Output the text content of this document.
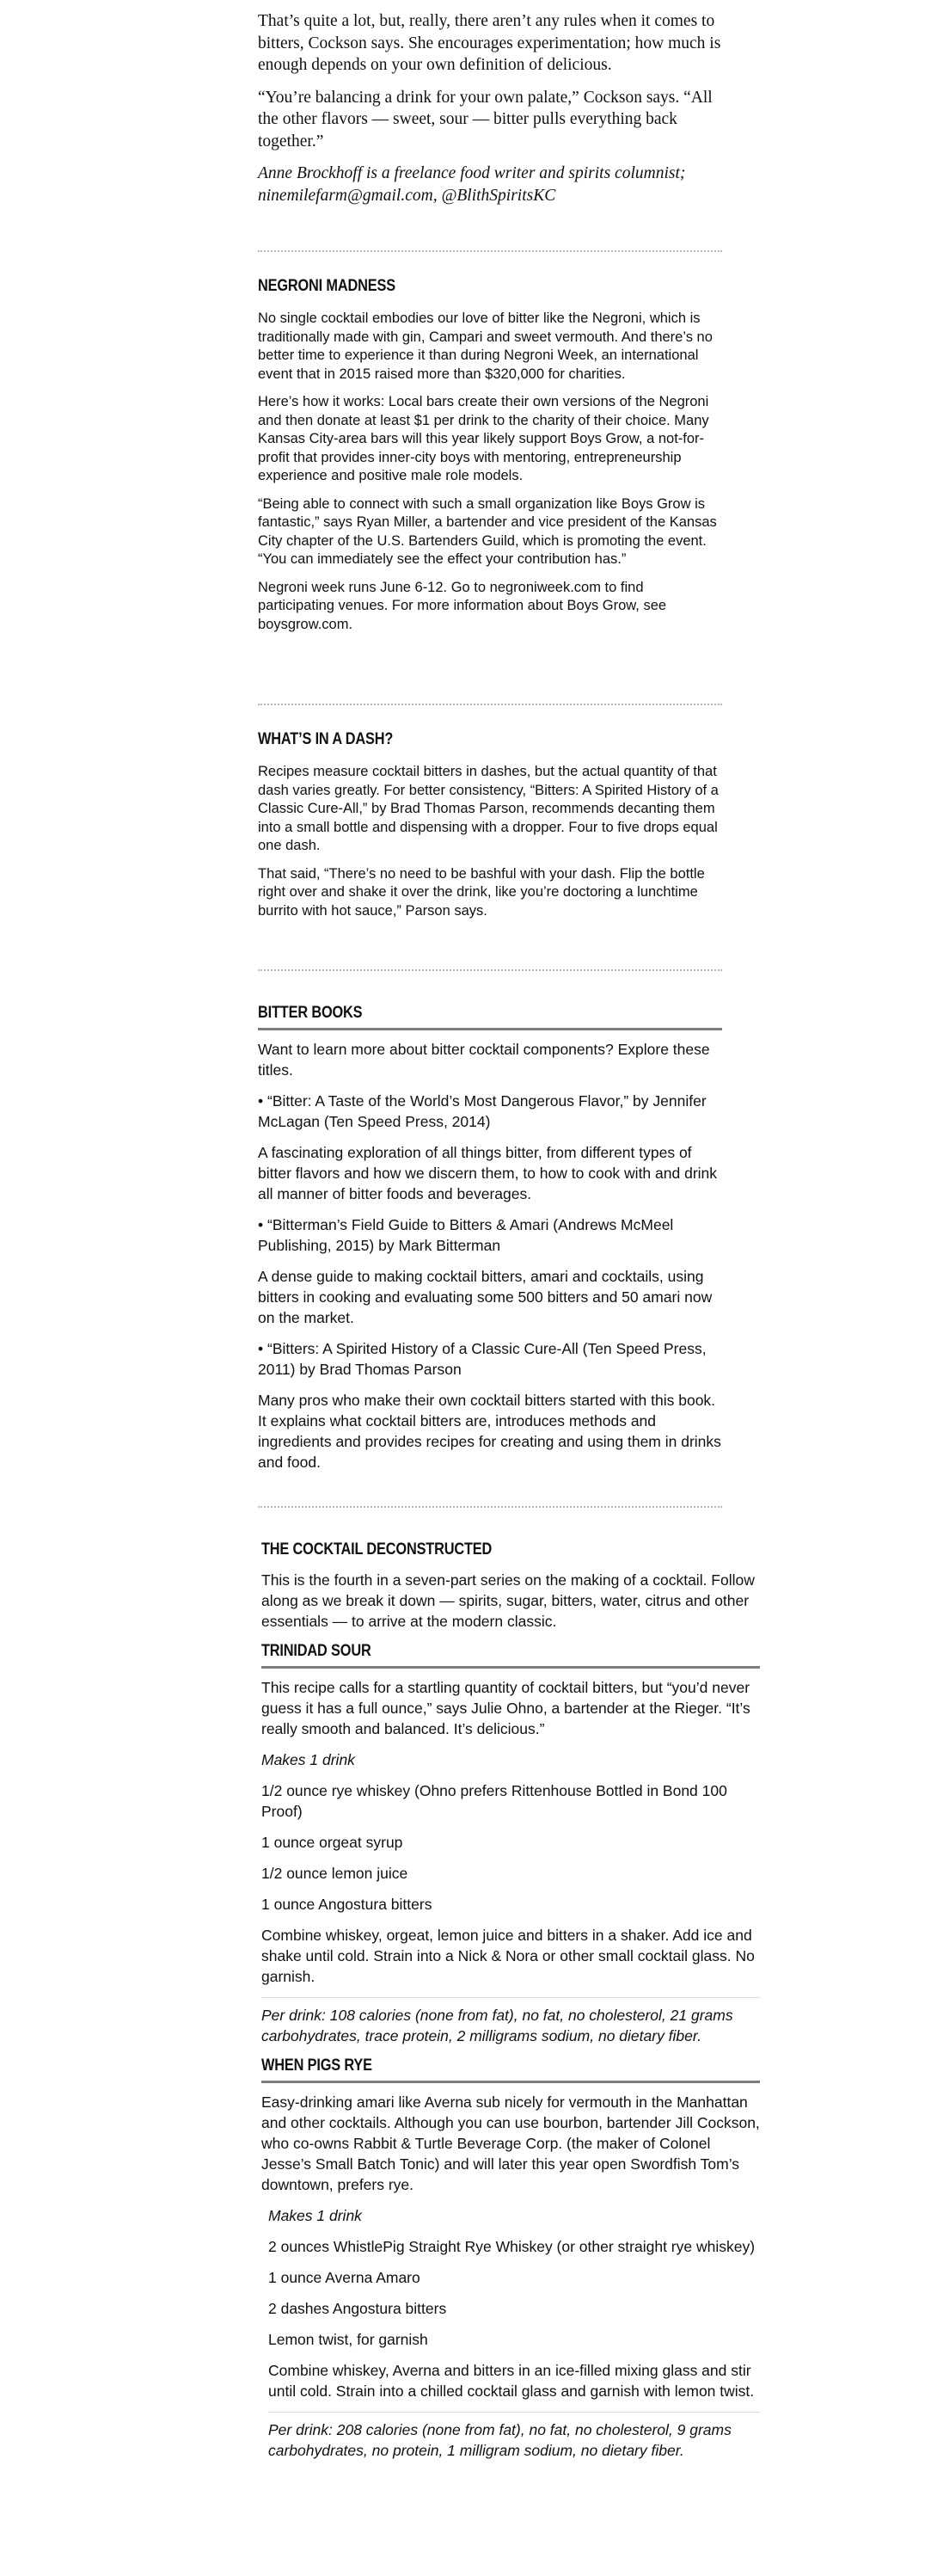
That’s quite a lot, but, really, there aren’t any rules when it comes to bitters, Cockson says. She encourages experimentation; how much is enough depends on your own definition of delicious.

“You’re balancing a drink for your own palate,” Cockson says. “All the other flavors — sweet, sour — bitter pulls everything back together.”

Anne Brockhoff is a freelance food writer and spirits columnist; ninemilefarm@gmail.com, @BlithSpiritsKC

NEGRONI MADNESS

No single cocktail embodies our love of bitter like the Negroni, which is traditionally made with gin, Campari and sweet vermouth. And there’s no better time to experience it than during Negroni Week, an international event that in 2015 raised more than $320,000 for charities.

Here’s how it works: Local bars create their own versions of the Negroni and then donate at least $1 per drink to the charity of their choice. Many Kansas City-area bars will this year likely support Boys Grow, a not-for-profit that provides inner-city boys with mentoring, entrepreneurship experience and positive male role models.

“Being able to connect with such a small organization like Boys Grow is fantastic,” says Ryan Miller, a bartender and vice president of the Kansas City chapter of the U.S. Bartenders Guild, which is promoting the event. “You can immediately see the effect your contribution has.”

Negroni week runs June 6-12. Go to negroniweek.com to find participating venues. For more information about Boys Grow, see boysgrow.com.

WHAT’S IN A DASH?

Recipes measure cocktail bitters in dashes, but the actual quantity of that dash varies greatly. For better consistency, “Bitters: A Spirited History of a Classic Cure-All,” by Brad Thomas Parson, recommends decanting them into a small bottle and dispensing with a dropper. Four to five drops equal one dash.

That said, “There’s no need to be bashful with your dash. Flip the bottle right over and shake it over the drink, like you’re doctoring a lunchtime burrito with hot sauce,” Parson says.

BITTER BOOKS

Want to learn more about bitter cocktail components? Explore these titles.

• “Bitter: A Taste of the World’s Most Dangerous Flavor,” by Jennifer McLagan (Ten Speed Press, 2014)

A fascinating exploration of all things bitter, from different types of bitter flavors and how we discern them, to how to cook with and drink all manner of bitter foods and beverages.

• “Bitterman’s Field Guide to Bitters & Amari (Andrews McMeel Publishing, 2015) by Mark Bitterman

A dense guide to making cocktail bitters, amari and cocktails, using bitters in cooking and evaluating some 500 bitters and 50 amari now on the market.

• “Bitters: A Spirited History of a Classic Cure-All (Ten Speed Press, 2011) by Brad Thomas Parson

Many pros who make their own cocktail bitters started with this book. It explains what cocktail bitters are, introduces methods and ingredients and provides recipes for creating and using them in drinks and food.

THE COCKTAIL DECONSTRUCTED

This is the fourth in a seven-part series on the making of a cocktail. Follow along as we break it down — spirits, sugar, bitters, water, citrus and other essentials — to arrive at the modern classic.

TRINIDAD SOUR

This recipe calls for a startling quantity of cocktail bitters, but “you’d never guess it has a full ounce,” says Julie Ohno, a bartender at the Rieger. “It’s really smooth and balanced. It’s delicious.”

Makes 1 drink

1/2 ounce rye whiskey (Ohno prefers Rittenhouse Bottled in Bond 100 Proof)

1 ounce orgeat syrup

1/2 ounce lemon juice

1 ounce Angostura bitters

Combine whiskey, orgeat, lemon juice and bitters in a shaker. Add ice and shake until cold. Strain into a Nick & Nora or other small cocktail glass. No garnish.

Per drink: 108 calories (none from fat), no fat, no cholesterol, 21 grams carbohydrates, trace protein, 2 milligrams sodium, no dietary fiber.

WHEN PIGS RYE

Easy-drinking amari like Averna sub nicely for vermouth in the Manhattan and other cocktails. Although you can use bourbon, bartender Jill Cockson, who co-owns Rabbit & Turtle Beverage Corp. (the maker of Colonel Jesse’s Small Batch Tonic) and will later this year open Swordfish Tom’s downtown, prefers rye.

Makes 1 drink

2 ounces WhistlePig Straight Rye Whiskey (or other straight rye whiskey)

1 ounce Averna Amaro

2 dashes Angostura bitters

Lemon twist, for garnish

Combine whiskey, Averna and bitters in an ice-filled mixing glass and stir until cold. Strain into a chilled cocktail glass and garnish with lemon twist.

Per drink: 208 calories (none from fat), no fat, no cholesterol, 9 grams carbohydrates, no protein, 1 milligram sodium, no dietary fiber.
